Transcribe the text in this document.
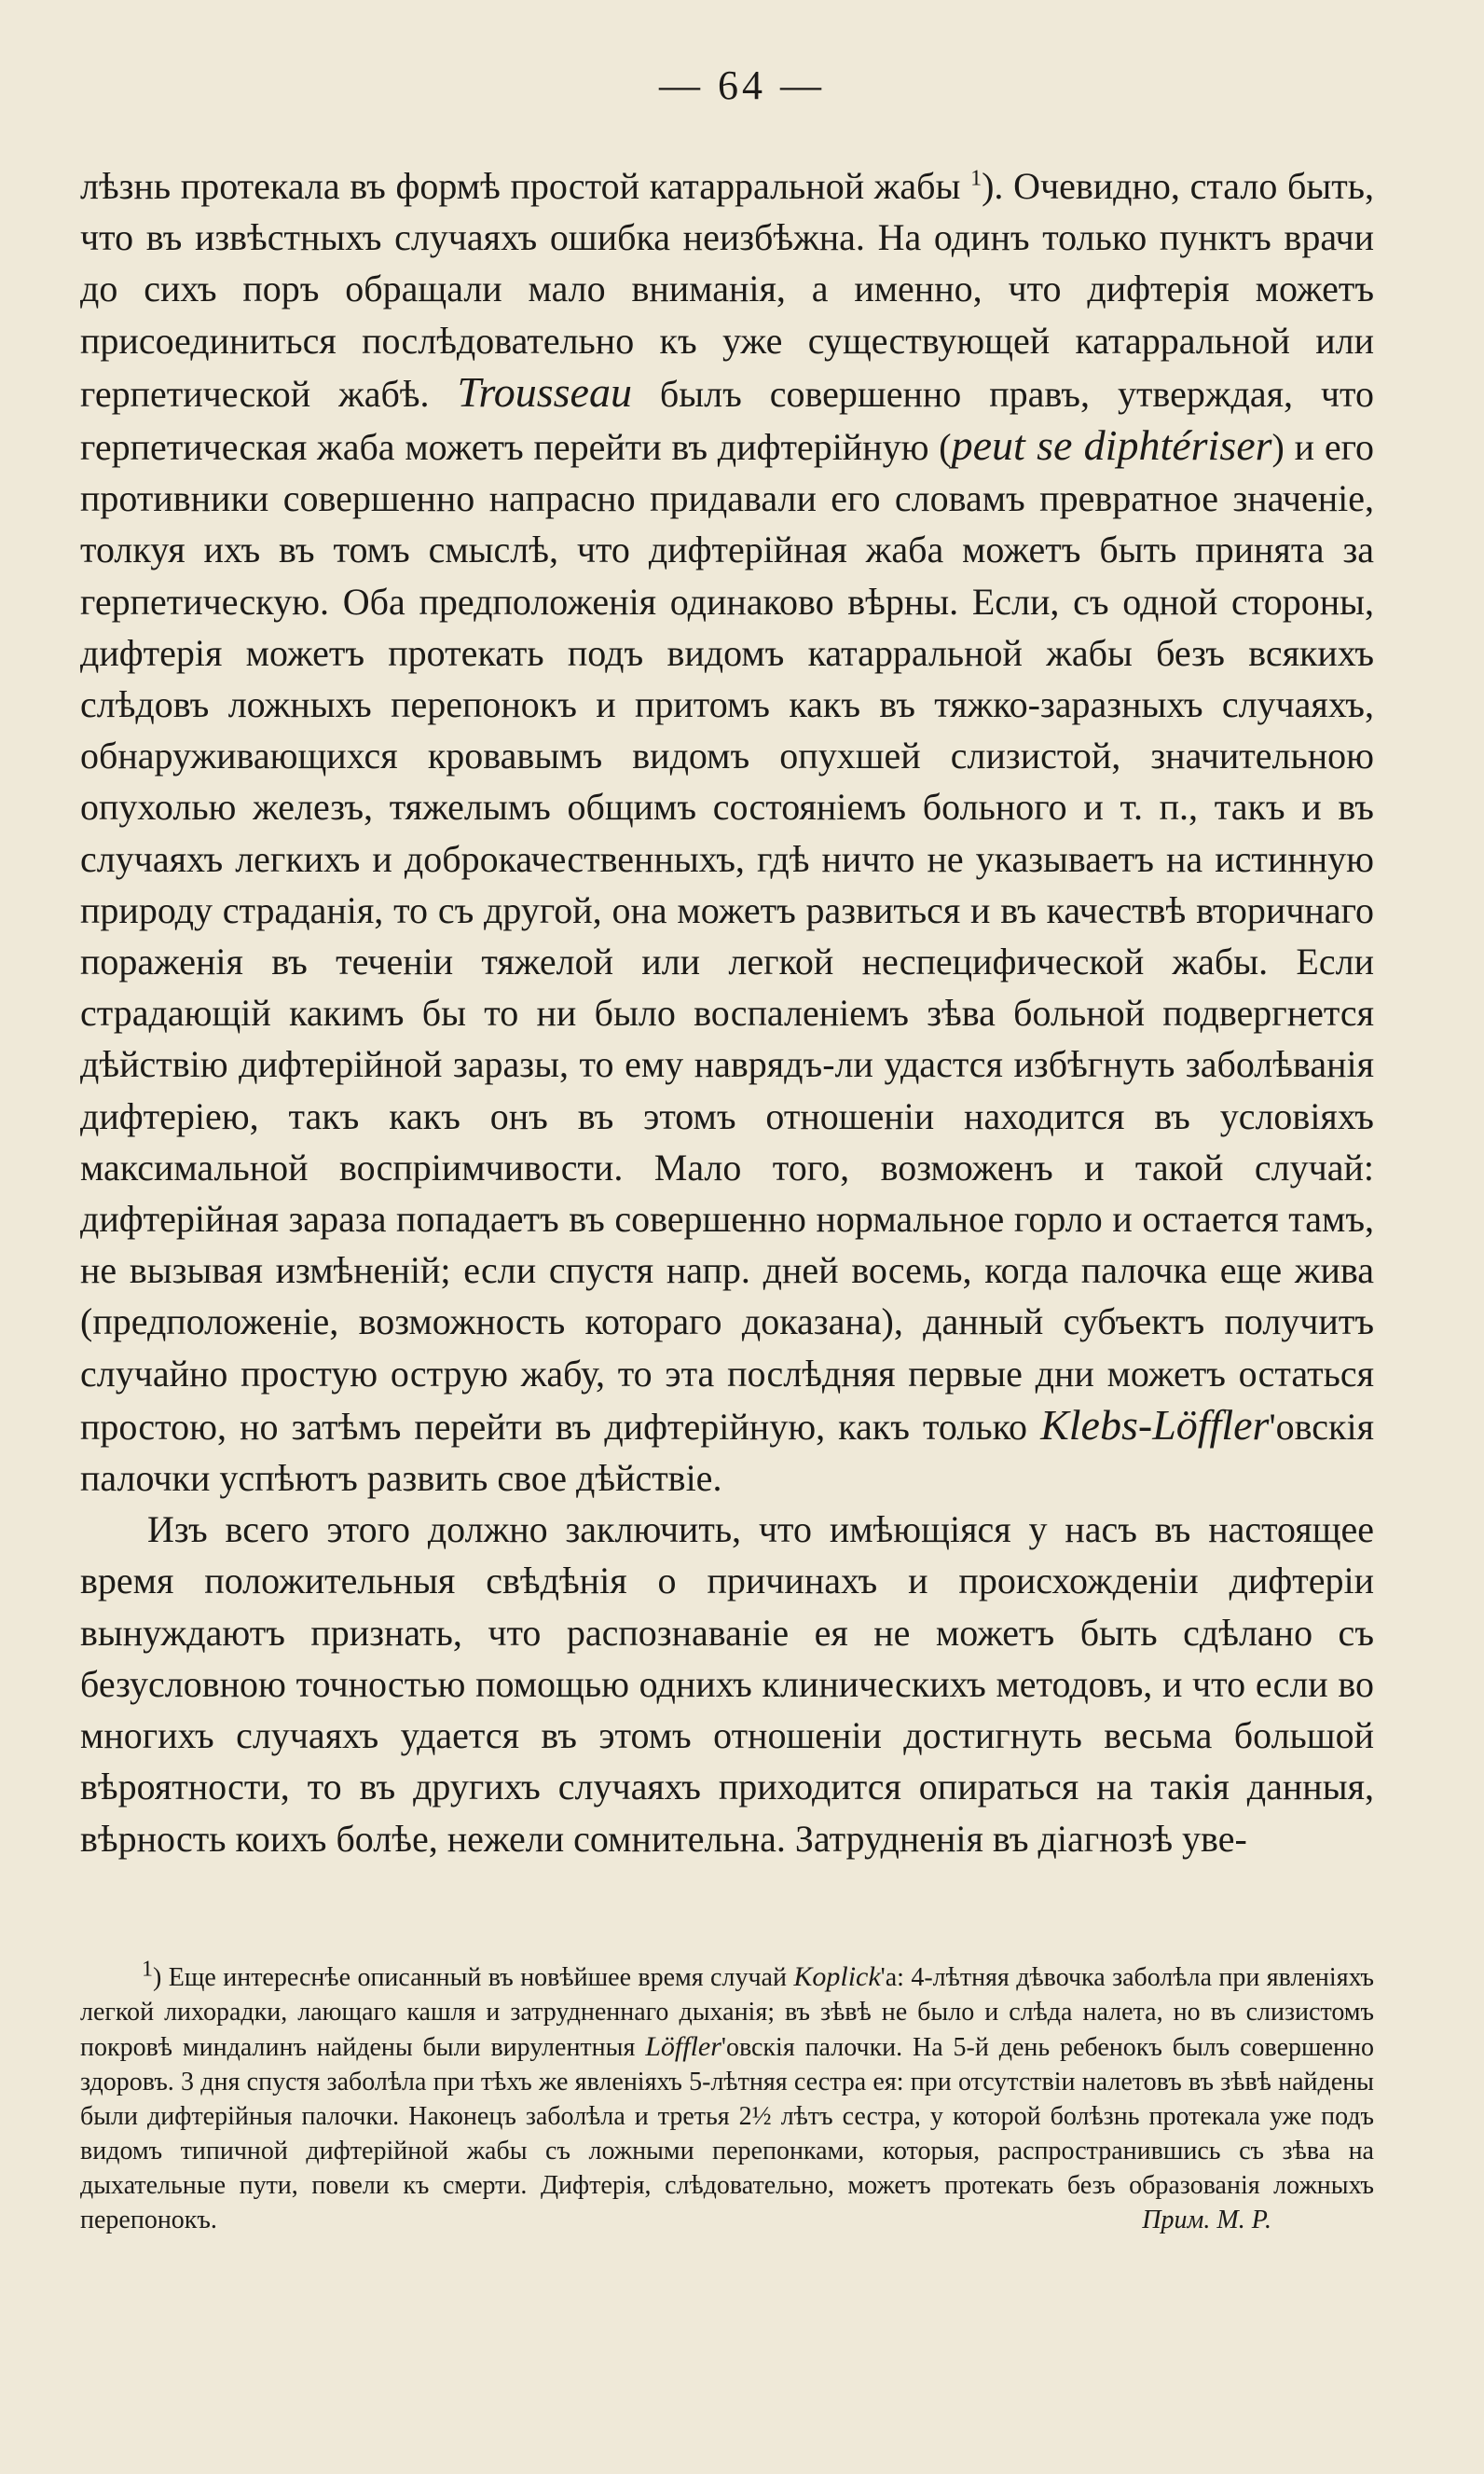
— 64 —

лѣзнь протекала въ формѣ простой катарральной жабы $^1$). Очевидно, стало быть, что въ извѣстныхъ случаяхъ ошибка неизбѣжна. На одинъ только пунктъ врачи до сихъ поръ обращали мало вниманія, а именно, что дифтерія можетъ присоединиться послѣдовательно къ уже существующей катарральной или герпетической жабѣ. Trousseau былъ совершенно правъ, утверждая, что герпетическая жаба можетъ перейти въ дифтерійную (peut se diphtériser) и его противники совершенно напрасно придавали его словамъ превратное значеніе, толкуя ихъ въ томъ смыслѣ, что дифтерійная жаба можетъ быть принята за герпетическую. Оба предположенія одинаково вѣрны. Если, съ одной стороны, дифтерія можетъ протекать подъ видомъ катарральной жабы безъ всякихъ слѣдовъ ложныхъ перепонокъ и притомъ какъ въ тяжко-заразныхъ случаяхъ, обнаруживающихся кровавымъ видомъ опухшей слизистой, значительною опухолью железъ, тяжелымъ общимъ состояніемъ больного и т. п., такъ и въ случаяхъ легкихъ и доброкачественныхъ, гдѣ ничто не указываетъ на истинную природу страданія, то съ другой, она можетъ развиться и въ качествѣ вторичнаго пораженія въ теченіи тяжелой или легкой неспецифической жабы. Если страдающій какимъ бы то ни было воспаленіемъ зѣва больной подвергнется дѣйствію дифтерійной заразы, то ему наврядъ-ли удастся избѣгнуть заболѣванія дифтеріею, такъ какъ онъ въ этомъ отношеніи находится въ условіяхъ максимальной воспріимчивости. Мало того, возможенъ и такой случай: дифтерійная зараза попадаетъ въ совершенно нормальное горло и остается тамъ, не вызывая измѣненій; если спустя напр. дней восемь, когда палочка еще жива (предположеніе, возможность котораго доказана), данный субъектъ получитъ случайно простую острую жабу, то эта послѣдняя первые дни можетъ остаться простою, но затѣмъ перейти въ дифтерійную, какъ только Klebs-Löffler'овскія палочки успѣютъ развить свое дѣйствіе.

Изъ всего этого должно заключить, что имѣющіяся у насъ въ настоящее время положительныя свѣдѣнія о причинахъ и происхожденіи дифтеріи вынуждаютъ признать, что распознаваніе ея не можетъ быть сдѣлано съ безусловною точностью помощью однихъ клиническихъ методовъ, и что если во многихъ случаяхъ удается въ этомъ отношеніи достигнуть весьма большой вѣроятности, то въ другихъ случаяхъ приходится опираться на такія данныя, вѣрность коихъ болѣе, нежели сомнительна. Затрудненія въ діагнозѣ уве-

$^1$) Еще интереснѣе описанный въ новѣйшее время случай Koplick'а: 4-лѣтняя дѣвочка заболѣла при явленіяхъ легкой лихорадки, лающаго кашля и затрудненнаго дыханія; въ зѣвѣ не было и слѣда налета, но въ слизистомъ покровѣ миндалинъ найдены были вирулентныя Löffler'овскія палочки. На 5-й день ребенокъ былъ совершенно здоровъ. 3 дня спустя заболѣла при тѣхъ же явленіяхъ 5-лѣтняя сестра ея: при отсутствіи налетовъ въ зѣвѣ найдены были дифтерійныя палочки. Наконецъ заболѣла и третья 2½ лѣтъ сестра, у которой болѣзнь протекала уже подъ видомъ типичной дифтерійной жабы съ ложными перепонками, которыя, распространившись съ зѣва на дыхательные пути, повели къ смерти. Дифтерія, слѣдовательно, можетъ протекать безъ образованія ложныхъ перепонокъ.	Прим. М. Р.
